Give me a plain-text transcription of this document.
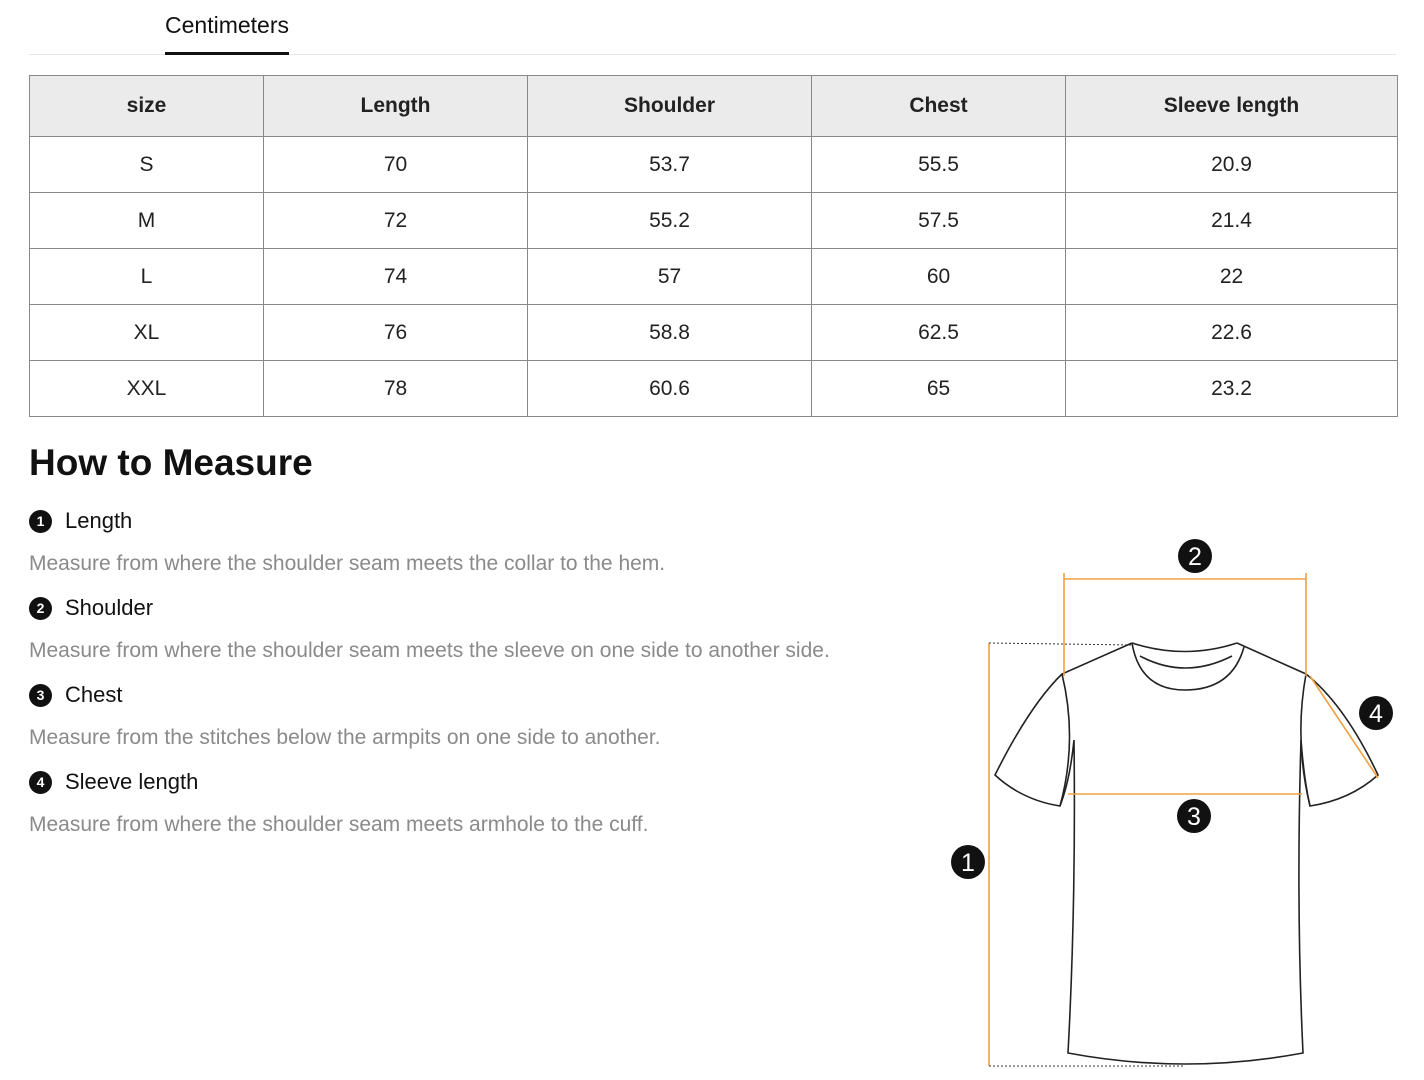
Centimeters
size	Length	Shoulder	Chest	Sleeve length
S	70	53.7	55.5	20.9
M	72	55.2	57.5	21.4
L	74	57	60	22
XL	76	58.8	62.5	22.6
XXL	78	60.6	65	23.2
How to Measure
1 Length
Measure from where the shoulder seam meets the collar to the hem.
2 Shoulder
Measure from where the shoulder seam meets the sleeve on one side to another side.
3 Chest
Measure from the stitches below the armpits on one side to another.
4 Sleeve length
Measure from where the shoulder seam meets armhole to the cuff.
1
2
3
4
